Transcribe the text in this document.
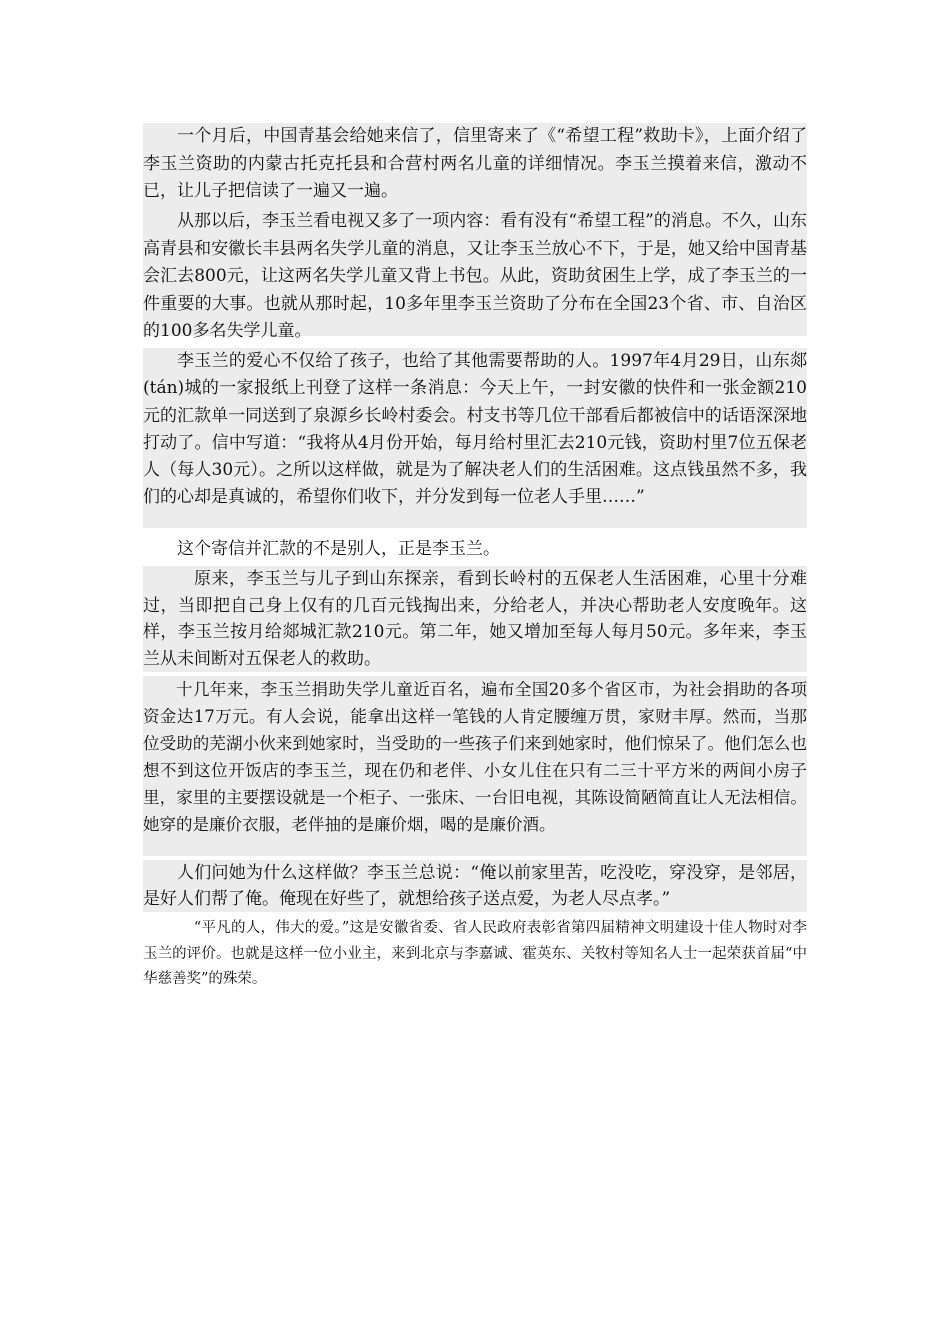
一个月后，中国青基会给她来信了，信里寄来了《“希望工程”救助卡》，上面介绍了李玉兰资助的内蒙古托克托县和合营村两名儿童的详细情况。李玉兰摸着来信，激动不已，让儿子把信读了一遍又一遍。

从那以后，李玉兰看电视又多了一项内容：看有没有“希望工程”的消息。不久，山东高青县和安徽长丰县两名失学儿童的消息，又让李玉兰放心不下，于是，她又给中国青基会汇去800元，让这两名失学儿童又背上书包。从此，资助贫困生上学，成了李玉兰的一件重要的大事。也就从那时起，10多年里李玉兰资助了分布在全国23个省、市、自治区的100多名失学儿童。

李玉兰的爱心不仅给了孩子，也给了其他需要帮助的人。1997年4月29日，山东郯(tán)城的一家报纸上刊登了这样一条消息：今天上午，一封安徽的快件和一张金额210元的汇款单一同送到了泉源乡长岭村委会。村支书等几位干部看后都被信中的话语深深地打动了。信中写道：“我将从4月份开始，每月给村里汇去210元钱，资助村里7位五保老人（每人30元）。之所以这样做，就是为了解决老人们的生活困难。这点钱虽然不多，我们的心却是真诚的，希望你们收下，并分发到每一位老人手里……”

这个寄信并汇款的不是别人，正是李玉兰。

原来，李玉兰与儿子到山东探亲，看到长岭村的五保老人生活困难，心里十分难过，当即把自己身上仅有的几百元钱掏出来，分给老人，并决心帮助老人安度晚年。这样，李玉兰按月给郯城汇款210元。第二年，她又增加至每人每月50元。多年来，李玉兰从未间断对五保老人的救助。

十几年来，李玉兰捐助失学儿童近百名，遍布全国20多个省区市，为社会捐助的各项资金达17万元。有人会说，能拿出这样一笔钱的人肯定腰缠万贯，家财丰厚。然而，当那位受助的芜湖小伙来到她家时，当受助的一些孩子们来到她家时，他们惊呆了。他们怎么也想不到这位开饭店的李玉兰，现在仍和老伴、小女儿住在只有二三十平方米的两间小房子里，家里的主要摆设就是一个柜子、一张床、一台旧电视，其陈设简陋简直让人无法相信。她穿的是廉价衣服，老伴抽的是廉价烟，喝的是廉价酒。

人们问她为什么这样做？李玉兰总说：“俺以前家里苦，吃没吃，穿没穿，是邻居，是好人们帮了俺。俺现在好些了，就想给孩子送点爱，为老人尽点孝。”

“平凡的人，伟大的爱。”这是安徽省委、省人民政府表彰省第四届精神文明建设十佳人物时对李玉兰的评价。也就是这样一位小业主，来到北京与李嘉诚、霍英东、关牧村等知名人士一起荣获首届“中华慈善奖”的殊荣。
